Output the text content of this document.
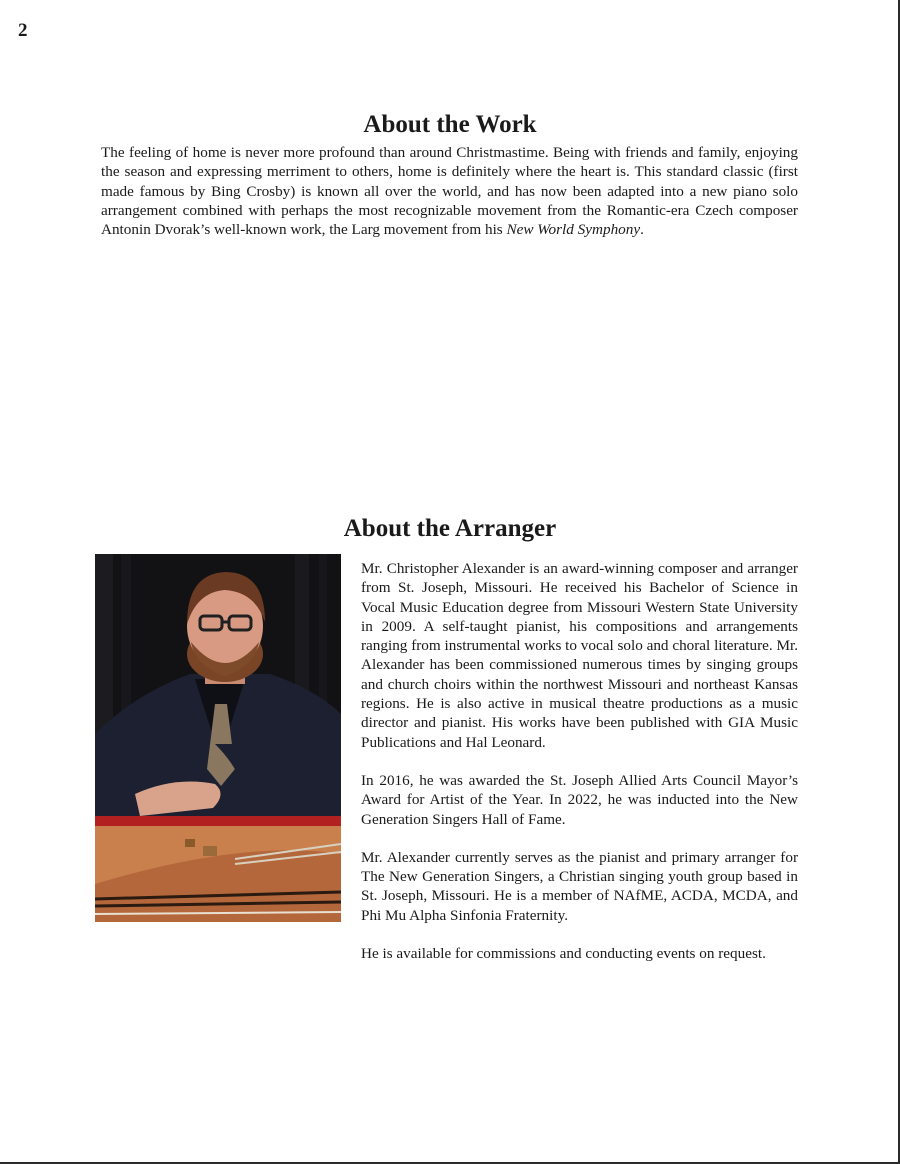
2
About the Work

The feeling of home is never more profound than around Christmastime. Being with friends and family, enjoying the season and expressing merriment to others, home is definitely where the heart is. This standard classic (first made famous by Bing Crosby) is known all over the world, and has now been adapted into a new piano solo arrangement combined with perhaps the most recognizable movement from the Romantic-era Czech composer Antonin Dvorak’s well-known work, the Larg movement from his New World Symphony.

About the Arranger

Mr. Christopher Alexander is an award-winning composer and arranger from St. Joseph, Missouri. He received his Bachelor of Science in Vocal Music Education degree from Missouri Western State University in 2009. A self-taught pianist, his compositions and arrangements ranging from instrumental works to vocal solo and choral literature. Mr. Alexander has been commissioned numerous times by singing groups and church choirs within the northwest Missouri and northeast Kansas regions. He is also active in musical theatre productions as a music director and pianist. His works have been published with GIA Music Publications and Hal Leonard.

In 2016, he was awarded the St. Joseph Allied Arts Council Mayor’s Award for Artist of the Year. In 2022, he was inducted into the New Generation Singers Hall of Fame.

Mr. Alexander currently serves as the pianist and primary arranger for The New Generation Singers, a Christian singing youth group based in St. Joseph, Missouri. He is a member of NAfME, ACDA, MCDA, and Phi Mu Alpha Sinfonia Fraternity.

He is available for commissions and conducting events on request.
